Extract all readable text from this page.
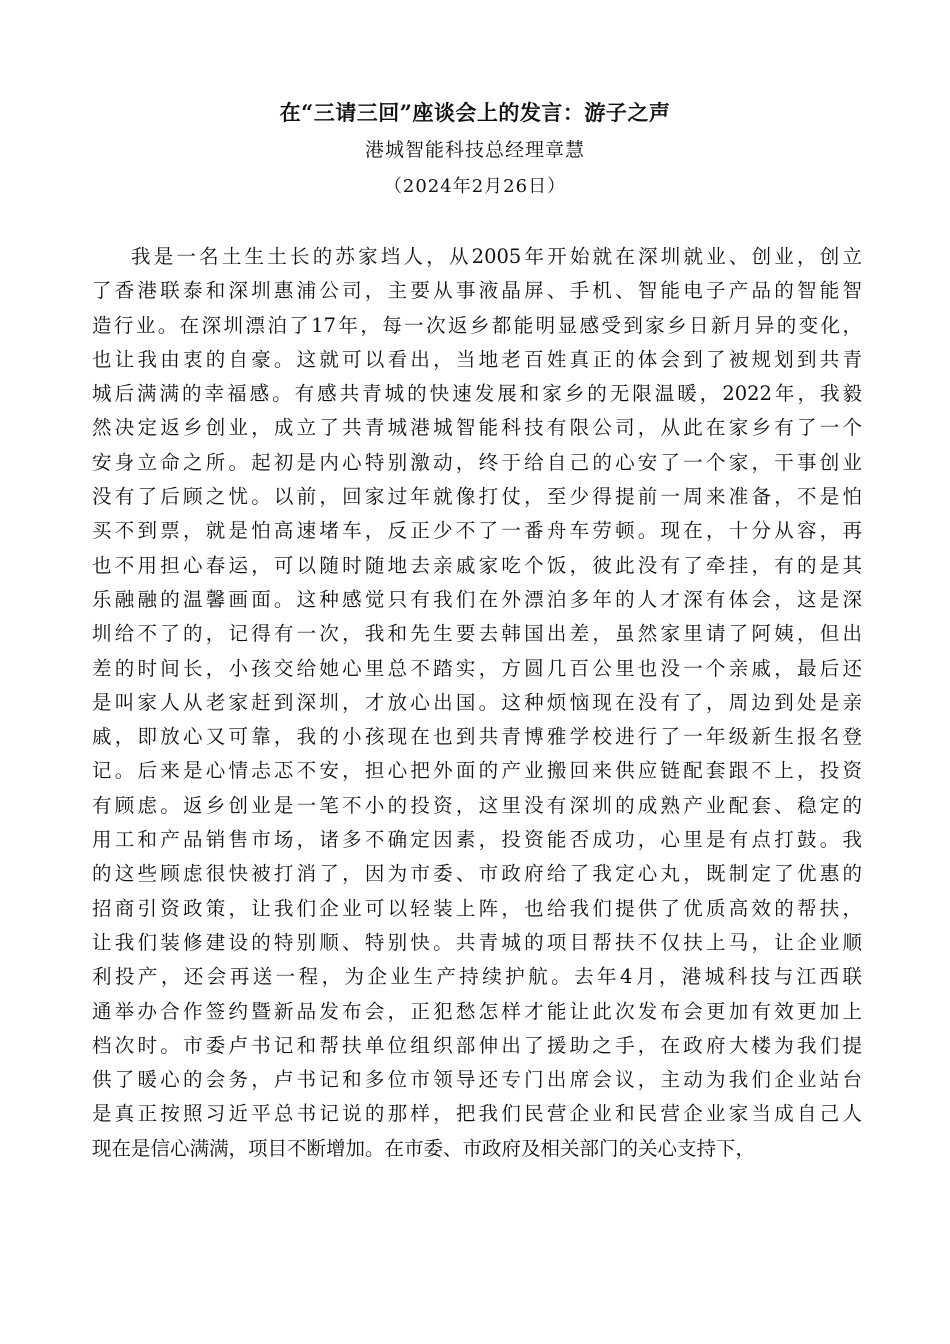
在“三请三回”座谈会上的发言：游子之声
港城智能科技总经理章慧
（2024年2月26日）
我是一名土生土长的苏家垱人，从2005年开始就在深圳就业、创业，创立
了香港联泰和深圳惠浦公司，主要从事液晶屏、手机、智能电子产品的智能智
造行业。在深圳漂泊了17年，每一次返乡都能明显感受到家乡日新月异的变化，
也让我由衷的自豪。这就可以看出，当地老百姓真正的体会到了被规划到共青
城后满满的幸福感。有感共青城的快速发展和家乡的无限温暖，2022年，我毅
然决定返乡创业，成立了共青城港城智能科技有限公司，从此在家乡有了一个
安身立命之所。起初是内心特别激动，终于给自己的心安了一个家，干事创业
没有了后顾之忧。以前，回家过年就像打仗，至少得提前一周来准备，不是怕
买不到票，就是怕高速堵车，反正少不了一番舟车劳顿。现在，十分从容，再
也不用担心春运，可以随时随地去亲戚家吃个饭，彼此没有了牵挂，有的是其
乐融融的温馨画面。这种感觉只有我们在外漂泊多年的人才深有体会，这是深
圳给不了的，记得有一次，我和先生要去韩国出差，虽然家里请了阿姨，但出
差的时间长，小孩交给她心里总不踏实，方圆几百公里也没一个亲戚，最后还
是叫家人从老家赶到深圳，才放心出国。这种烦恼现在没有了，周边到处是亲
戚，即放心又可靠，我的小孩现在也到共青博雅学校进行了一年级新生报名登
记。后来是心情忐忑不安，担心把外面的产业搬回来供应链配套跟不上，投资
有顾虑。返乡创业是一笔不小的投资，这里没有深圳的成熟产业配套、稳定的
用工和产品销售市场，诸多不确定因素，投资能否成功，心里是有点打鼓。我
的这些顾虑很快被打消了，因为市委、市政府给了我定心丸，既制定了优惠的
招商引资政策，让我们企业可以轻装上阵，也给我们提供了优质高效的帮扶，
让我们装修建设的特别顺、特别快。共青城的项目帮扶不仅扶上马，让企业顺
利投产，还会再送一程，为企业生产持续护航。去年4月，港城科技与江西联
通举办合作签约暨新品发布会，正犯愁怎样才能让此次发布会更加有效更加上
档次时。市委卢书记和帮扶单位组织部伸出了援助之手，在政府大楼为我们提
供了暖心的会务，卢书记和多位市领导还专门出席会议，主动为我们企业站台
是真正按照习近平总书记说的那样，把我们民营企业和民营企业家当成自己人
现在是信心满满，项目不断增加。在市委、市政府及相关部门的关心支持下，
